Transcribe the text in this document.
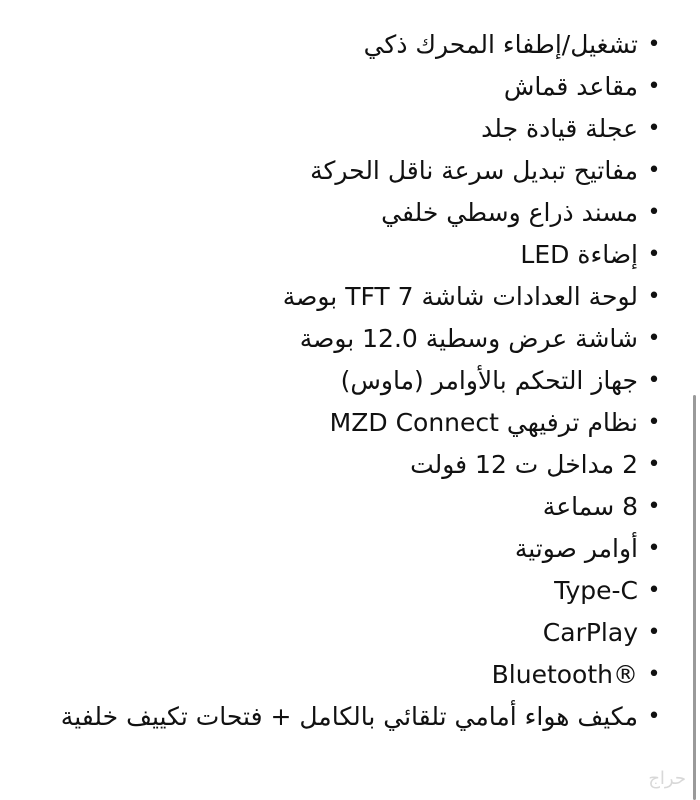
•
تشغيل/إطفاء المحرك ذكي
•
مقاعد قماش
•
عجلة قيادة جلد
•
مفاتيح تبديل سرعة ناقل الحركة
•
مسند ذراع وسطي خلفي
•
إضاءة LED
•
لوحة العدادات شاشة TFT 7 بوصة
•
شاشة عرض وسطية 12.0 بوصة
•
جهاز التحكم بالأوامر (ماوس)
•
نظام ترفيهي MZD Connect
•
2 مداخل ت 12 فولت
•
8 سماعة
•
أوامر صوتية
•
Type-C
•
CarPlay
•
Bluetooth®
•
مكيف هواء أمامي تلقائي بالكامل + فتحات تكييف خلفية
حراج
